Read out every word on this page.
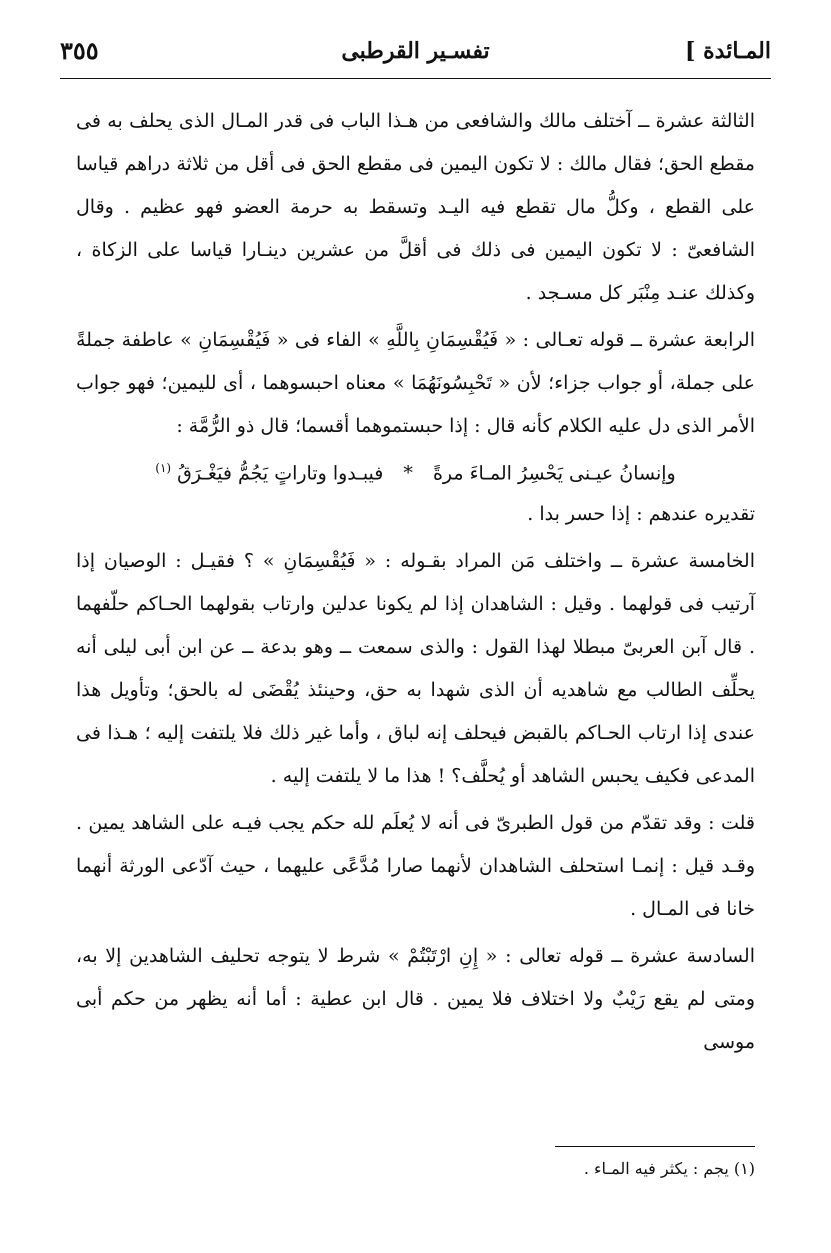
٣٥٥	تفسـير القرطبى	المـائدة ]

الثالثة عشرة ــ آختلف مالك والشافعى من هـذا الباب فى قدر المـال الذى يحلف به فى مقطع الحق؛ فقال مالك : لا تكون اليمين فى مقطع الحق فى أقل من ثلاثة دراهم قياسا على القطع ، وكلُّ مال تقطع فيه اليـد وتسقط به حرمة العضو فهو عظيم . وقال الشافعىّ : لا تكون اليمين فى ذلك فى أقلَّ من عشرين دينـارا قياسا على الزكاة ، وكذلك عنـد مِنْبَر كل مسـجد .

الرابعة عشرة ــ قوله تعـالى : « فَيُقْسِمَانِ بِاللَّهِ » الفاء فى « فَيُقْسِمَانِ » عاطفة جملةً على جملة، أو جواب جزاء؛ لأن « تَحْبِسُونَهُمَا » معناه احبسوهما ، أى لليمين؛ فهو جواب الأمر الذى دل عليه الكلام كأنه قال : إذا حبستموهما أقسما؛ قال ذو الرُّمَّة :

وإنسانُ عيـنى يَحْسِرُ المـاءَ مرةً * فيبـدوا وتاراتٍ يَجُمُّ فيَغْـرَقُ $^{(١)}$

تقديره عندهم : إذا حسر بدا .

الخامسة عشرة ــ واختلف مَن المراد بقـوله : « فَيُقْسِمَانِ » ؟ فقيـل : الوصيان إذا آرتيب فى قولهما . وقيل : الشاهدان إذا لم يكونا عدلين وارتاب بقولهما الحـاكم حلّفهما . قال آبن العربىّ مبطلا لهذا القول : والذى سمعت ــ وهو بدعة ــ عن ابن أبى ليلى أنه يحلِّف الطالب مع شاهديه أن الذى شهدا به حق، وحينئذ يُقْضَى له بالحق؛ وتأويل هذا عندى إذا ارتاب الحـاكم بالقبض فيحلف إنه لباق ، وأما غير ذلك فلا يلتفت إليه ؛ هـذا فى المدعى فكيف يحبس الشاهد أو يُحلَّف؟ ! هذا ما لا يلتفت إليه .

قلت : وقد تقدّم من قول الطبرىّ فى أنه لا يُعلَم لله حكم يجب فيـه على الشاهد يمين . وقـد قيل : إنمـا استحلف الشاهدان لأنهما صارا مُدَّعًى عليهما ، حيث آدّعى الورثة أنهما خانا فى المـال .

السادسة عشرة ــ قوله تعالى : « إِنِ ارْتَبْتُمْ » شرط لا يتوجه تحليف الشاهدين إلا به، ومتى لم يقع رَيْبٌ ولا اختلاف فلا يمين . قال ابن عطية : أما أنه يظهر من حكم أبى موسى

(١) يجم : يكثر فيه المـاء .
